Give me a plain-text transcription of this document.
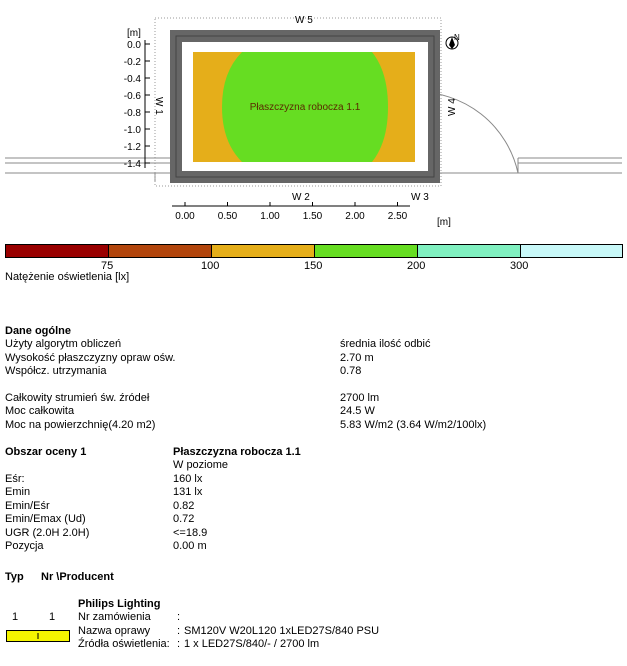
Płaszczyzna robocza 1.1
N
W 5
W 2	W 3
W 1	W 4
[m]
0.0
-0.2
-0.4
-0.6
-0.8
-1.0
-1.2
-1.4
0.00 0.50 1.00 1.50 2.00 2.50
[m]
75	100	150	200	300
Natężenie oświetlenia [lx]
Dane ogólne
Użyty algorytm obliczeń	średnia ilość odbić
Wysokość płaszczyzny opraw ośw.	2.70 m
Współcz. utrzymania	0.78
Całkowity strumień św. źródeł	2700 lm
Moc całkowita	24.5 W
Moc na powierzchnię(4.20 m2)	5.83 W/m2 (3.64 W/m2/100lx)
Obszar oceny 1	Płaszczyzna robocza 1.1
W poziome
Eśr:	160 lx
Emin	131 lx
Emin/Eśr	0.82
Emin/Emax (Ud)	0.72
UGR (2.0H 2.0H)	<=18.9
Pozycja	0.00 m
Typ Nr \Producent
Philips Lighting
1	1 Nr zamówienia :
Nazwa oprawy : SM120V W20L120 1xLED27S/840 PSU
Źródła oświetlenia: : 1 x LED27S/840/- / 2700 lm
